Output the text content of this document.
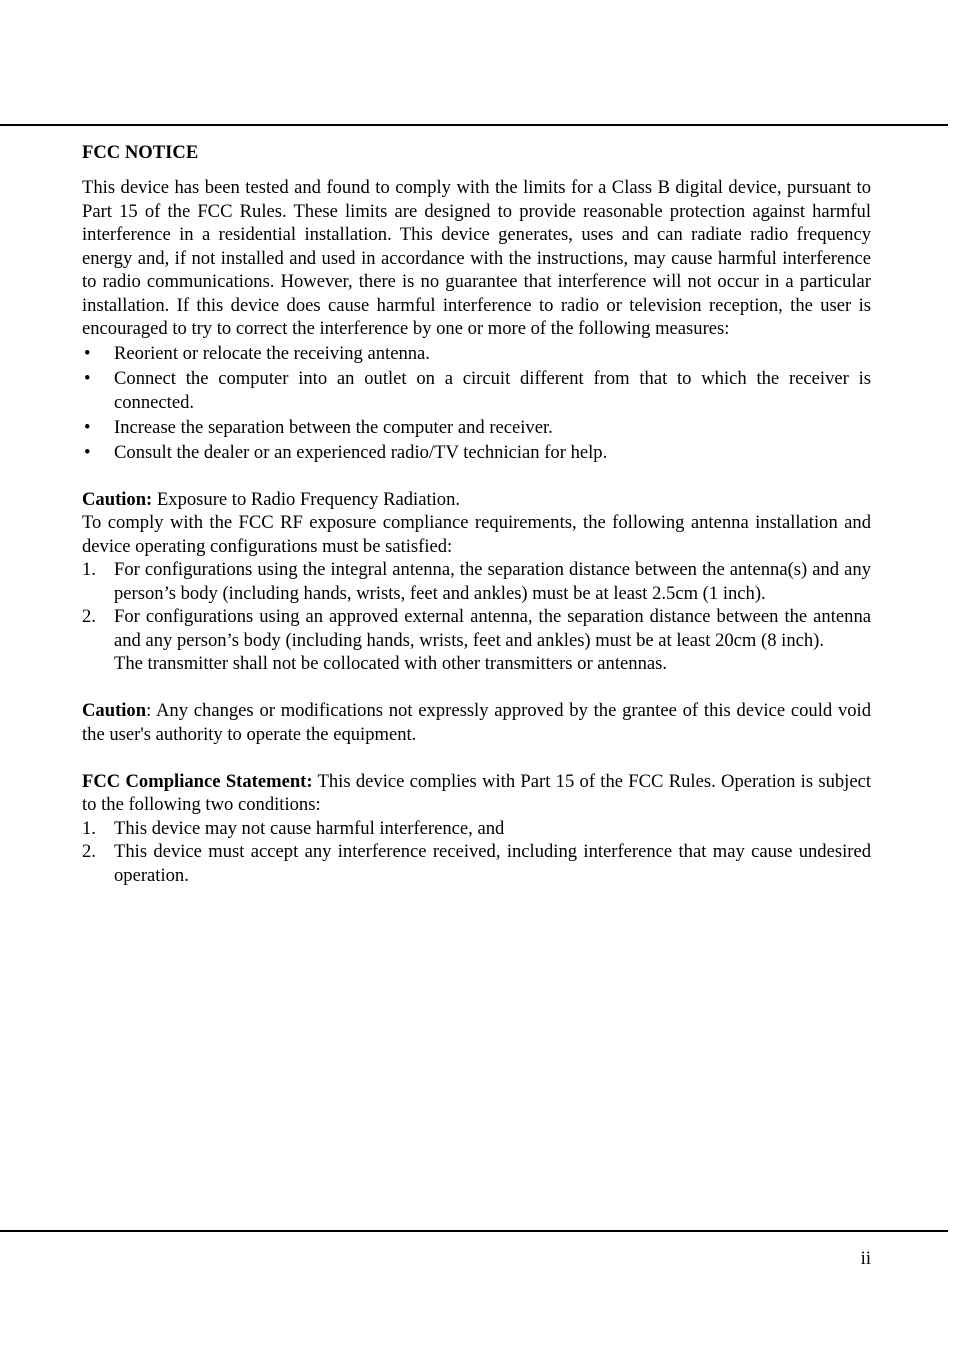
FCC NOTICE

This device has been tested and found to comply with the limits for a Class B digital device, pursuant to Part 15 of the FCC Rules. These limits are designed to provide reasonable protection against harmful interference in a residential installation. This device generates, uses and can radiate radio frequency energy and, if not installed and used in accordance with the instructions, may cause harmful interference to radio communications. However, there is no guarantee that interference will not occur in a particular installation. If this device does cause harmful interference to radio or television reception, the user is encouraged to try to correct the interference by one or more of the following measures:

• Reorient or relocate the receiving antenna.
• Connect the computer into an outlet on a circuit different from that to which the receiver is connected.
• Increase the separation between the computer and receiver.
• Consult the dealer or an experienced radio/TV technician for help.

Caution: Exposure to Radio Frequency Radiation.

To comply with the FCC RF exposure compliance requirements, the following antenna installation and device operating configurations must be satisfied:

1. For configurations using the integral antenna, the separation distance between the antenna(s) and any person’s body (including hands, wrists, feet and ankles) must be at least 2.5cm (1 inch).
2. For configurations using an approved external antenna, the separation distance between the antenna and any person’s body (including hands, wrists, feet and ankles) must be at least 20cm (8 inch).

The transmitter shall not be collocated with other transmitters or antennas.

Caution: Any changes or modifications not expressly approved by the grantee of this device could void the user's authority to operate the equipment.

FCC Compliance Statement: This device complies with Part 15 of the FCC Rules. Operation is subject to the following two conditions:

1. This device may not cause harmful interference, and
2. This device must accept any interference received, including interference that may cause undesired operation.
ii
